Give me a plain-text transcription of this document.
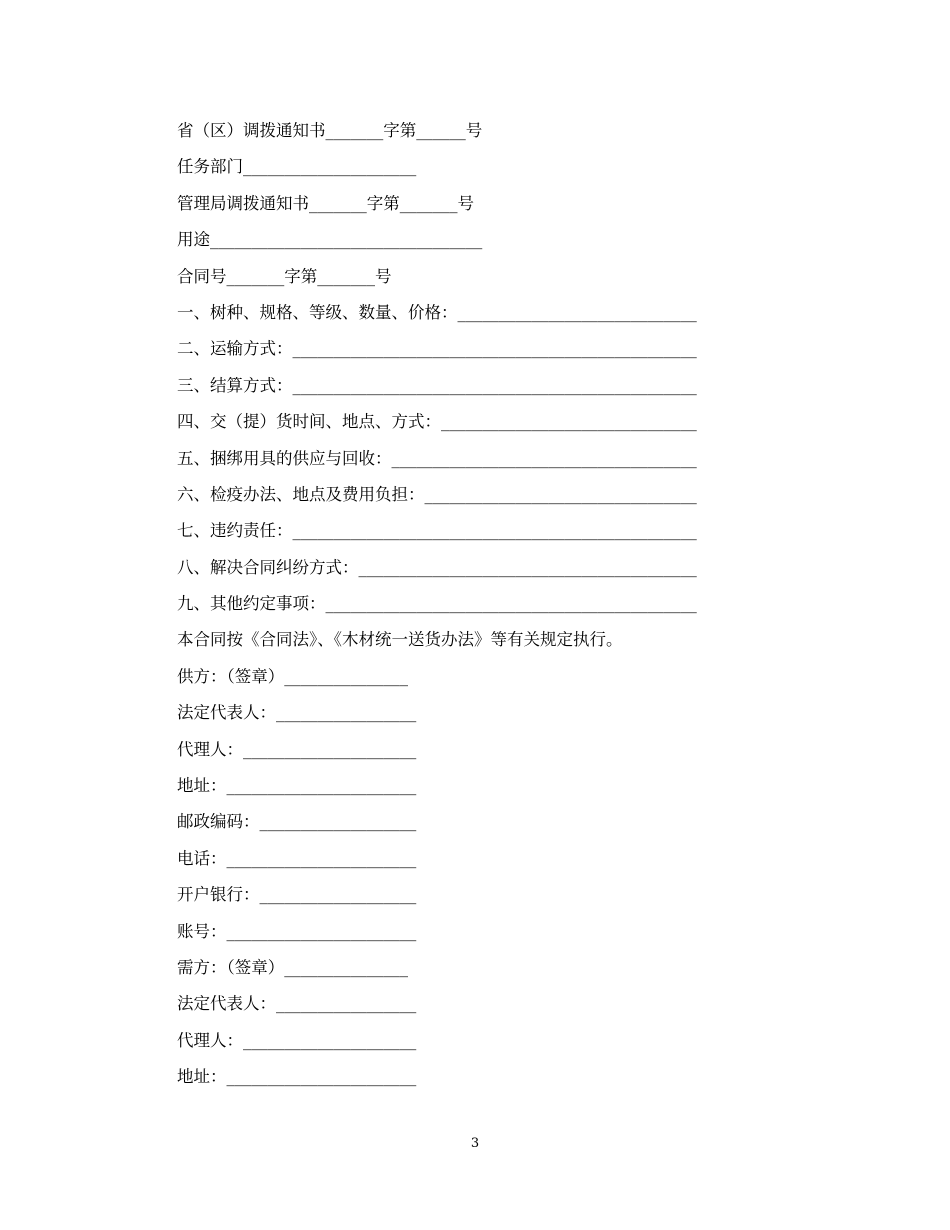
省（区）调拨通知书_______字第______号
任务部门_____________________
管理局调拨通知书_______字第_______号
用途_________________________________
合同号_______字第_______号
一、树种、规格、等级、数量、价格：_____________________________
二、运输方式：_________________________________________________
三、结算方式：_________________________________________________
四、交（提）货时间、地点、方式：_______________________________
五、捆绑用具的供应与回收：_____________________________________
六、检疫办法、地点及费用负担：_________________________________
七、违约责任：_________________________________________________
八、解决合同纠纷方式：_________________________________________
九、其他约定事项：_____________________________________________
本合同按《合同法》、《木材统一送货办法》等有关规定执行。
供方：（签章）_______________
法定代表人：_________________
代理人：_____________________
地址：_______________________
邮政编码：___________________
电话：_______________________
开户银行：___________________
账号：_______________________
需方：（签章）_______________
法定代表人：_________________
代理人：_____________________
地址：_______________________
3
